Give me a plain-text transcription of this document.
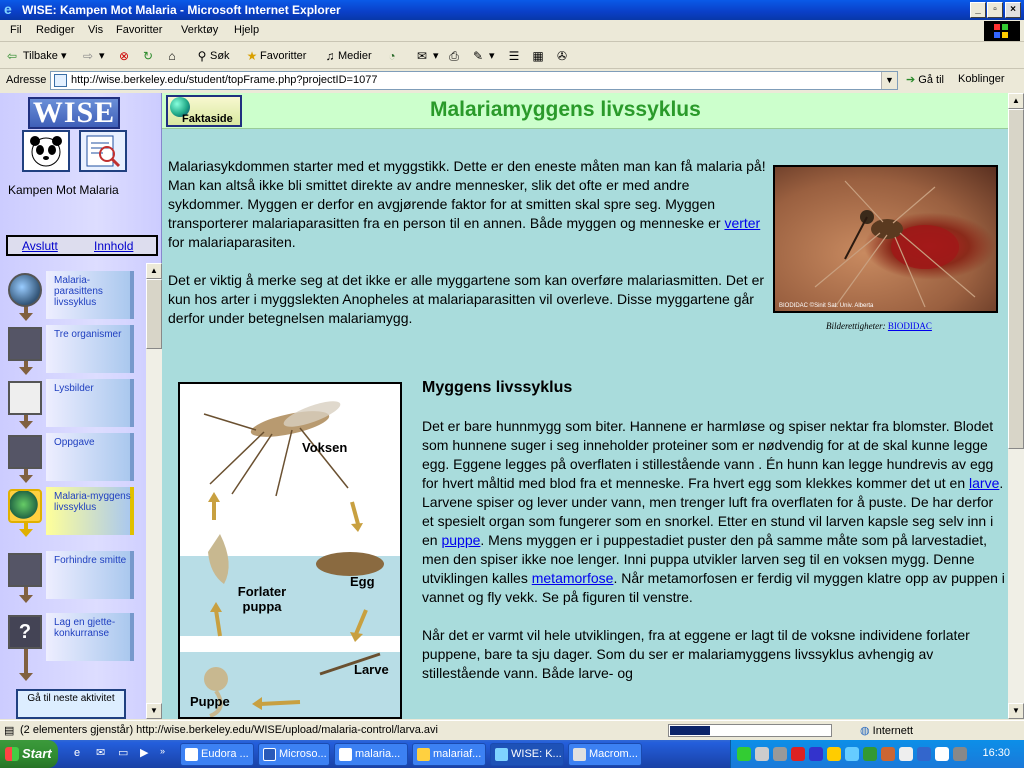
e WISE: Kampen Mot Malaria - Microsoft Internet Explorer	_	▫	×
Fil Rediger Vis Favoritter Verktøy Hjelp
⇦ Tilbake ▾ ⇨ ▾ ⊗ ↻	⌂	⚲ Søk ★ Favoritter ♫ Medier	◔	✉ ▾ ⎙ ✎ ▾ ☰ ▦ ✇
Adresse http://wise.berkeley.edu/student/topFrame.php?projectID=1077	▼ ➔ Gå til Koblinger
WISE
Kampen Mot Malaria
Avslutt	Innhold
Malaria-parasittens livssyklus
Tre organismer
Lysbilder
Oppgave
Malaria-myggens livssyklus
Forhindre smitte
?	Lag en gjette-konkurranse
Gå til neste aktivitet
▲
▼
Faktaside	Malariamyggens livssyklus

Malariasykdommen starter med et myggstikk. Dette er den eneste måten man kan få malaria på! Man kan altså ikke bli smittet direkte av andre mennesker, slik det ofte er med andre sykdommer. Myggen er derfor en avgjørende faktor for at smitten skal spre seg. Myggen transporterer malariaparasitten fra en person til en annen. Både myggen og menneske er verter for malariaparasiten.

Det er viktig å merke seg at det ikke er alle myggartene som kan overføre malariasmitten. Det er kun hos arter i myggslekten Anopheles at malariaparasitten vil overleve. Disse myggartene går derfor under betegnelsen malariamygg.

BIODIDAC ©Sinit Sat. Univ. Alberta
Bilderettigheter: BIODIDAC
Voksen
Egg
Forlater puppa
Larve
Puppe
Myggens livssyklus

Det er bare hunnmygg som biter. Hannene er harmløse og spiser nektar fra blomster. Blodet som hunnene suger i seg inneholder proteiner som er nødvendig for at de skal kunne legge egg. Eggene legges på overflaten i stillestående vann . Én hunn kan legge hundrevis av egg for hvert måltid med blod fra et menneske. Fra hvert egg som klekkes kommer det ut en larve. Larvene spiser og lever under vann, men trenger luft fra overflaten for å puste. De har derfor et spesielt organ som fungerer som en snorkel. Etter en stund vil larven kapsle seg selv inn i en puppe. Mens myggen er i puppestadiet puster den på samme måte som på larvestadiet, men den spiser ikke noe lenger. Inni puppa utvikler larven seg til en voksen mygg. Denne utviklingen kalles metamorfose. Når metamorfosen er ferdig vil myggen klatre opp av puppen i vannet og fly vekk. Se på figuren til venstre.

Når det er varmt vil hele utviklingen, fra at eggene er lagt til de voksne individene forlater puppene, bare ta sju dager. Som du ser er malariamyggens livssyklus avhengig av stillestående vann. Både larve- og

▲
▼
▤ (2 elementers gjenstår) http://wise.berkeley.edu/WISE/upload/malaria-control/larva.avi	◍ Internett
Start	e ✉ ▭ ▶ »	Eudora ...	Microso...	malaria...	malariaf...	WISE: K...	Macrom...	16:30
